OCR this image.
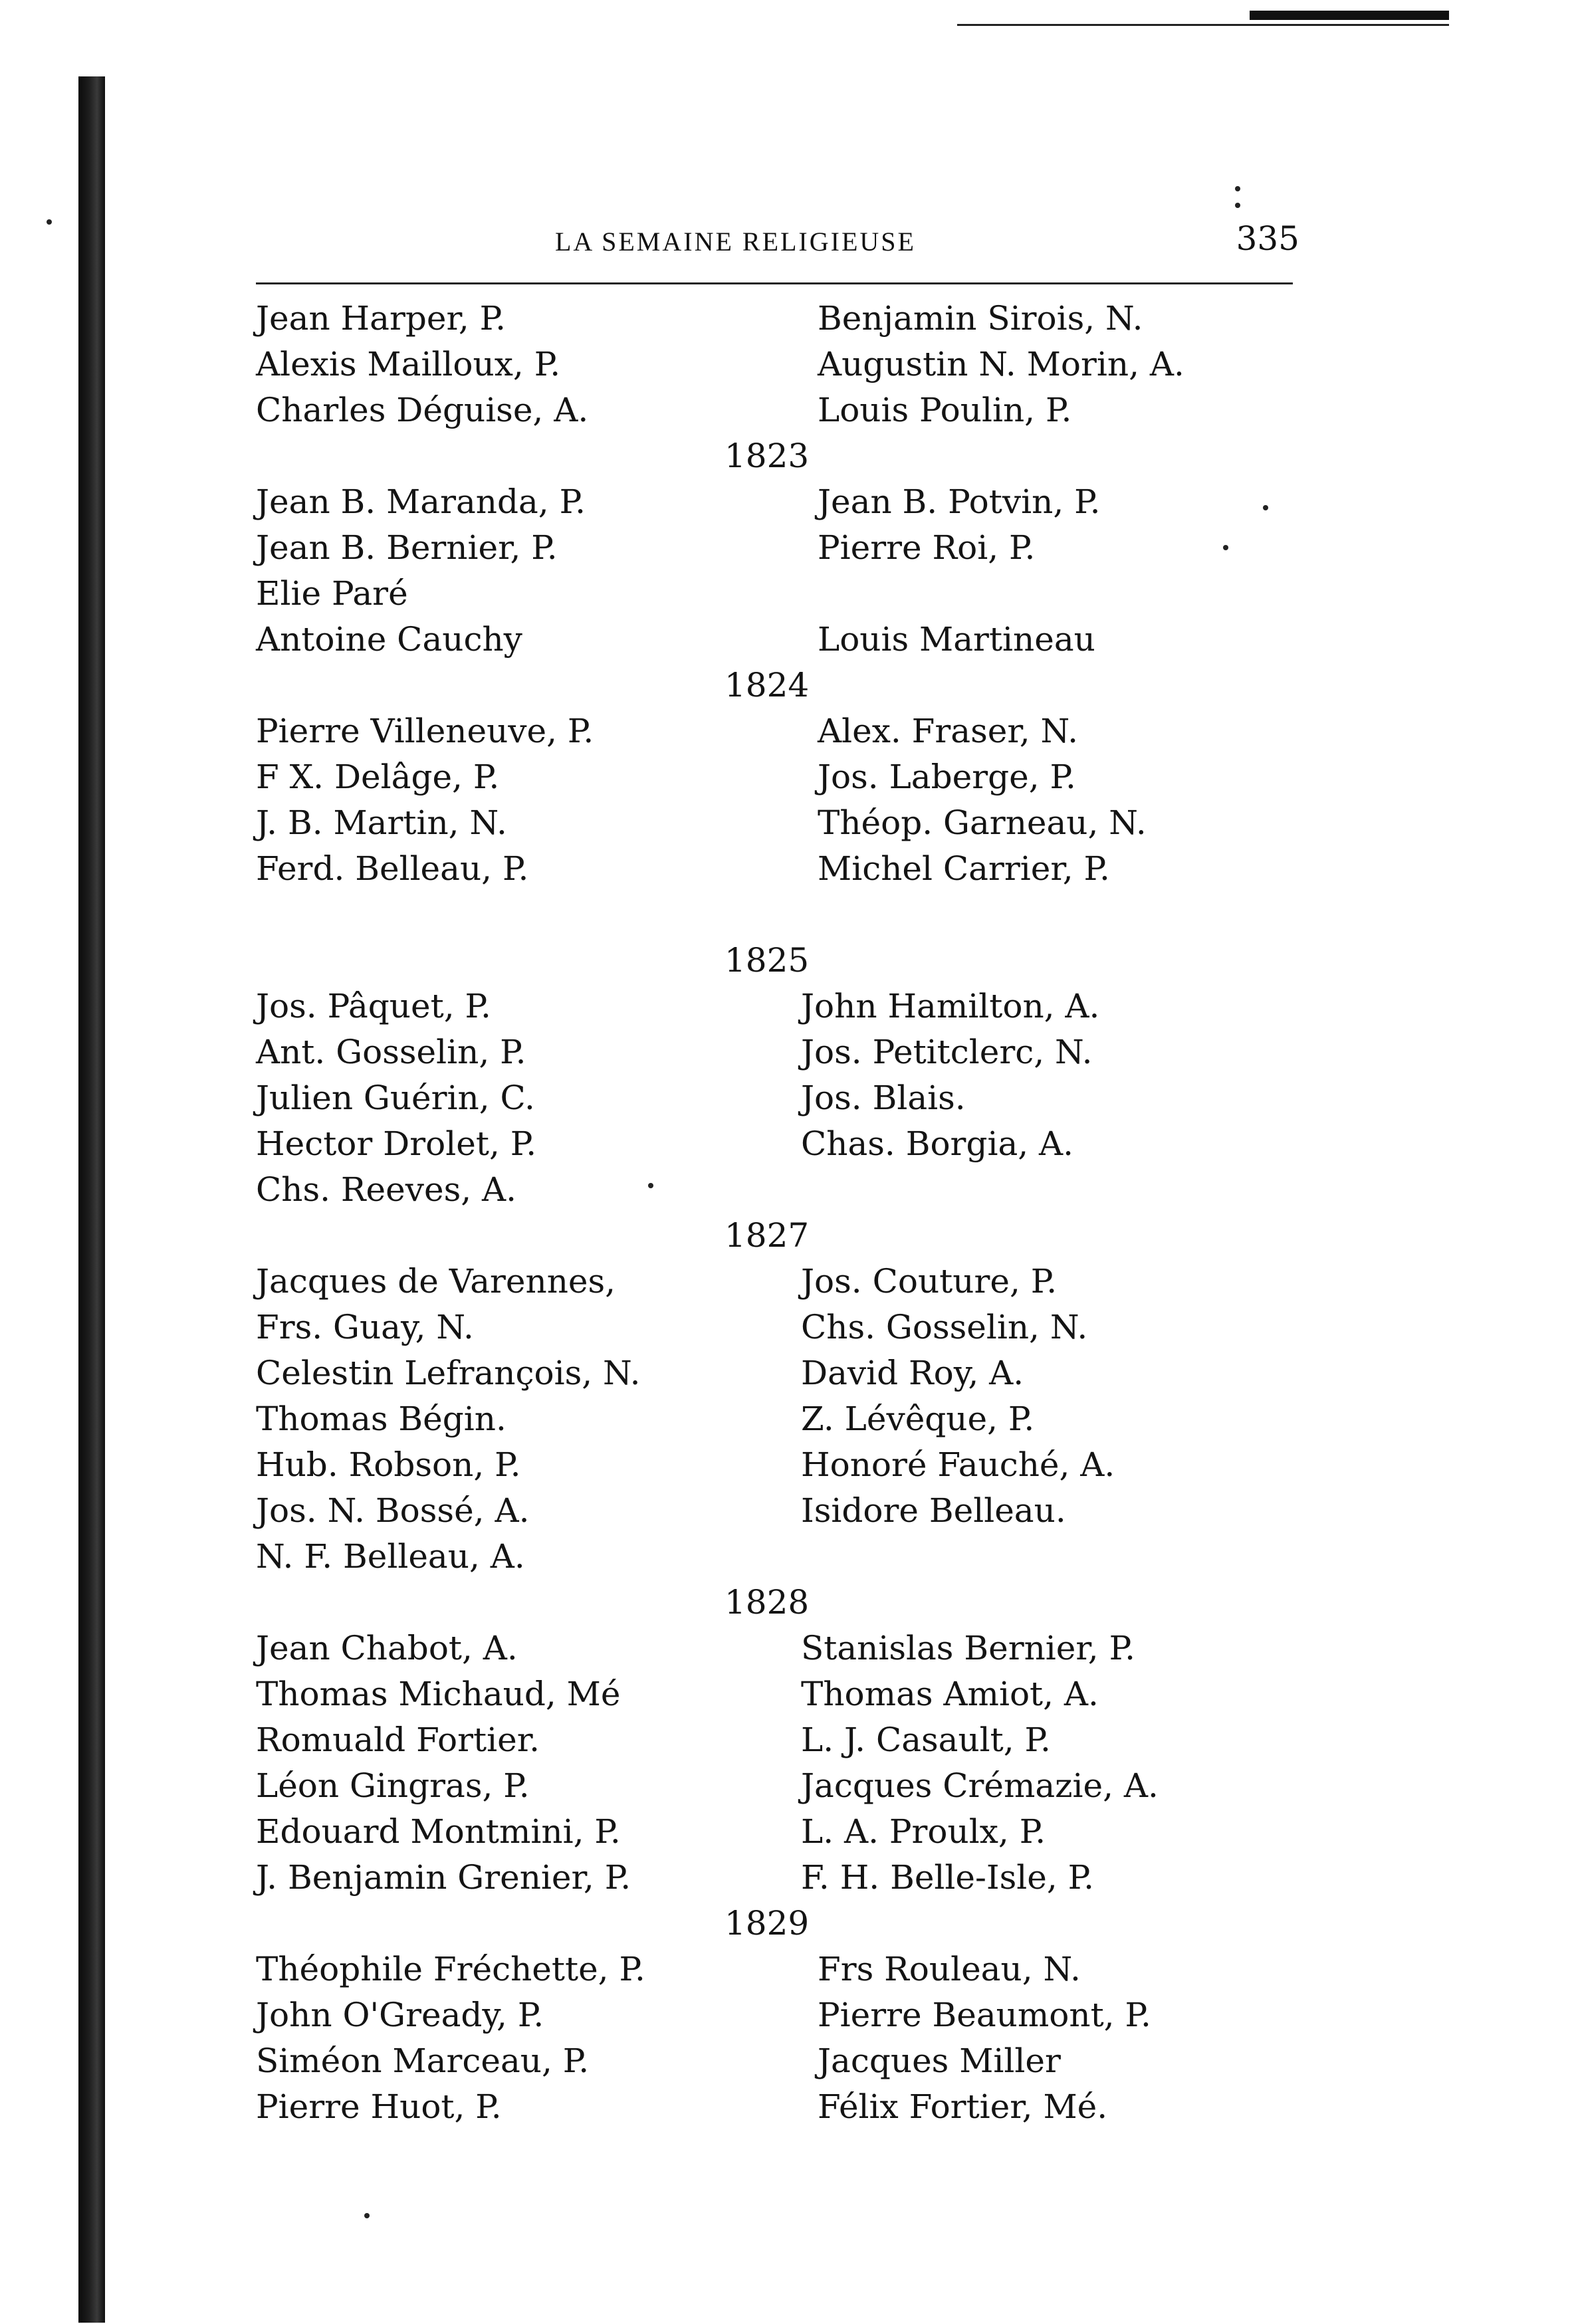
LA SEMAINE RELIGIEUSE	335
Jean Harper, P.
Alexis Mailloux, P.
Charles Déguise, A.
Jean B. Maranda, P.
Jean B. Bernier, P.
Elie Paré
Antoine Cauchy
Pierre Villeneuve, P.
F X. Delâge, P.
J. B. Martin, N.
Ferd. Belleau, P.
Jos. Pâquet, P.
Ant. Gosselin, P.
Julien Guérin, C.
Hector Drolet, P.
Chs. Reeves, A.
Jacques de Varennes,
Frs. Guay, N.
Celestin Lefrançois, N.
Thomas Bégin.
Hub. Robson, P.
Jos. N. Bossé, A.
N. F. Belleau, A.
Jean Chabot, A.
Thomas Michaud, Mé
Romuald Fortier.
Léon Gingras, P.
Edouard Montmini, P.
J. Benjamin Grenier, P.
Théophile Fréchette, P.
John O'Gready, P.
Siméon Marceau, P.
Pierre Huot, P.
Benjamin Sirois, N.
Augustin N. Morin, A.
Louis Poulin, P.
1823
Jean B. Potvin, P.
Pierre Roi, P.
Louis Martineau
1824
Alex. Fraser, N.
Jos. Laberge, P.
Théop. Garneau, N.
Michel Carrier, P.
1825
John Hamilton, A.
Jos. Petitclerc, N.
Jos. Blais.
Chas. Borgia, A.
1827
Jos. Couture, P.
Chs. Gosselin, N.
David Roy, A.
Z. Lévêque, P.
Honoré Fauché, A.
Isidore Belleau.
1828
Stanislas Bernier, P.
Thomas Amiot, A.
L. J. Casault, P.
Jacques Crémazie, A.
L. A. Proulx, P.
F. H. Belle-Isle, P.
1829
Frs Rouleau, N.
Pierre Beaumont, P.
Jacques Miller
Félix Fortier, Mé.
